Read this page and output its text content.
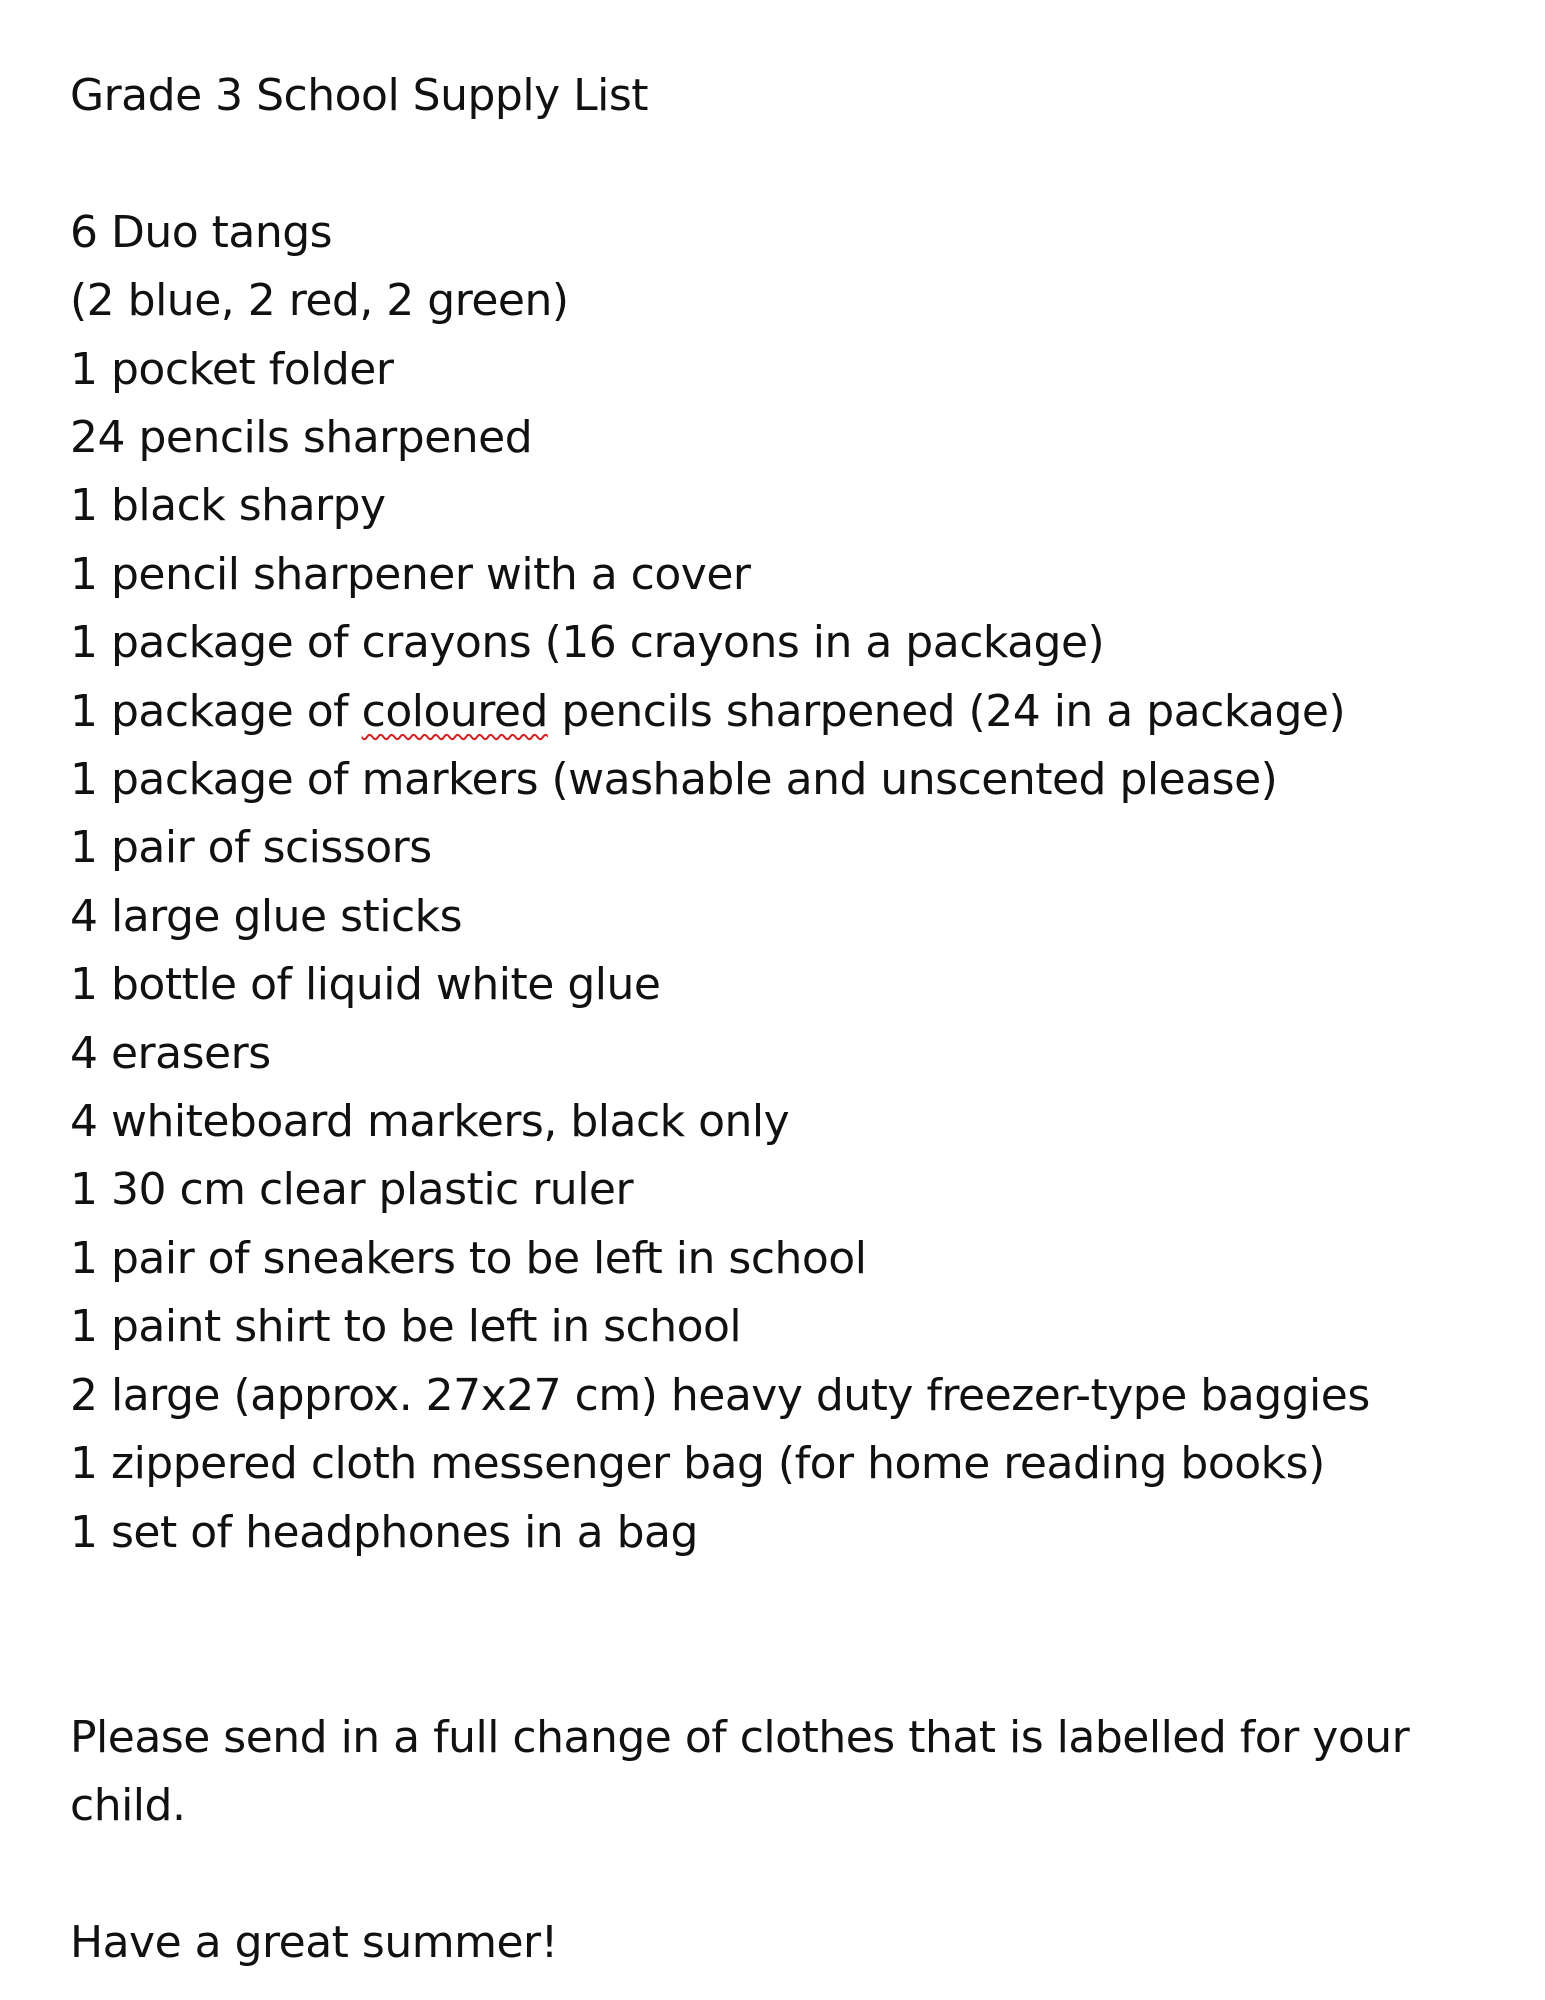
Grade 3 School Supply List
6 Duo tangs
(2 blue, 2 red, 2 green)
1 pocket folder
24 pencils sharpened
1 black sharpy
1 pencil sharpener with a cover
1 package of crayons (16 crayons in a package)
1 package of coloured pencils sharpened (24 in a package)
1 package of markers (washable and unscented please)
1 pair of scissors
4 large glue sticks
1 bottle of liquid white glue
4 erasers
4 whiteboard markers, black only
1 30 cm clear plastic ruler
1 pair of sneakers to be left in school
1 paint shirt to be left in school
2 large (approx. 27x27 cm) heavy duty freezer-type baggies
1 zippered cloth messenger bag (for home reading books)
1 set of headphones in a bag

Please send in a full change of clothes that is labelled for your child.

Have a great summer!
